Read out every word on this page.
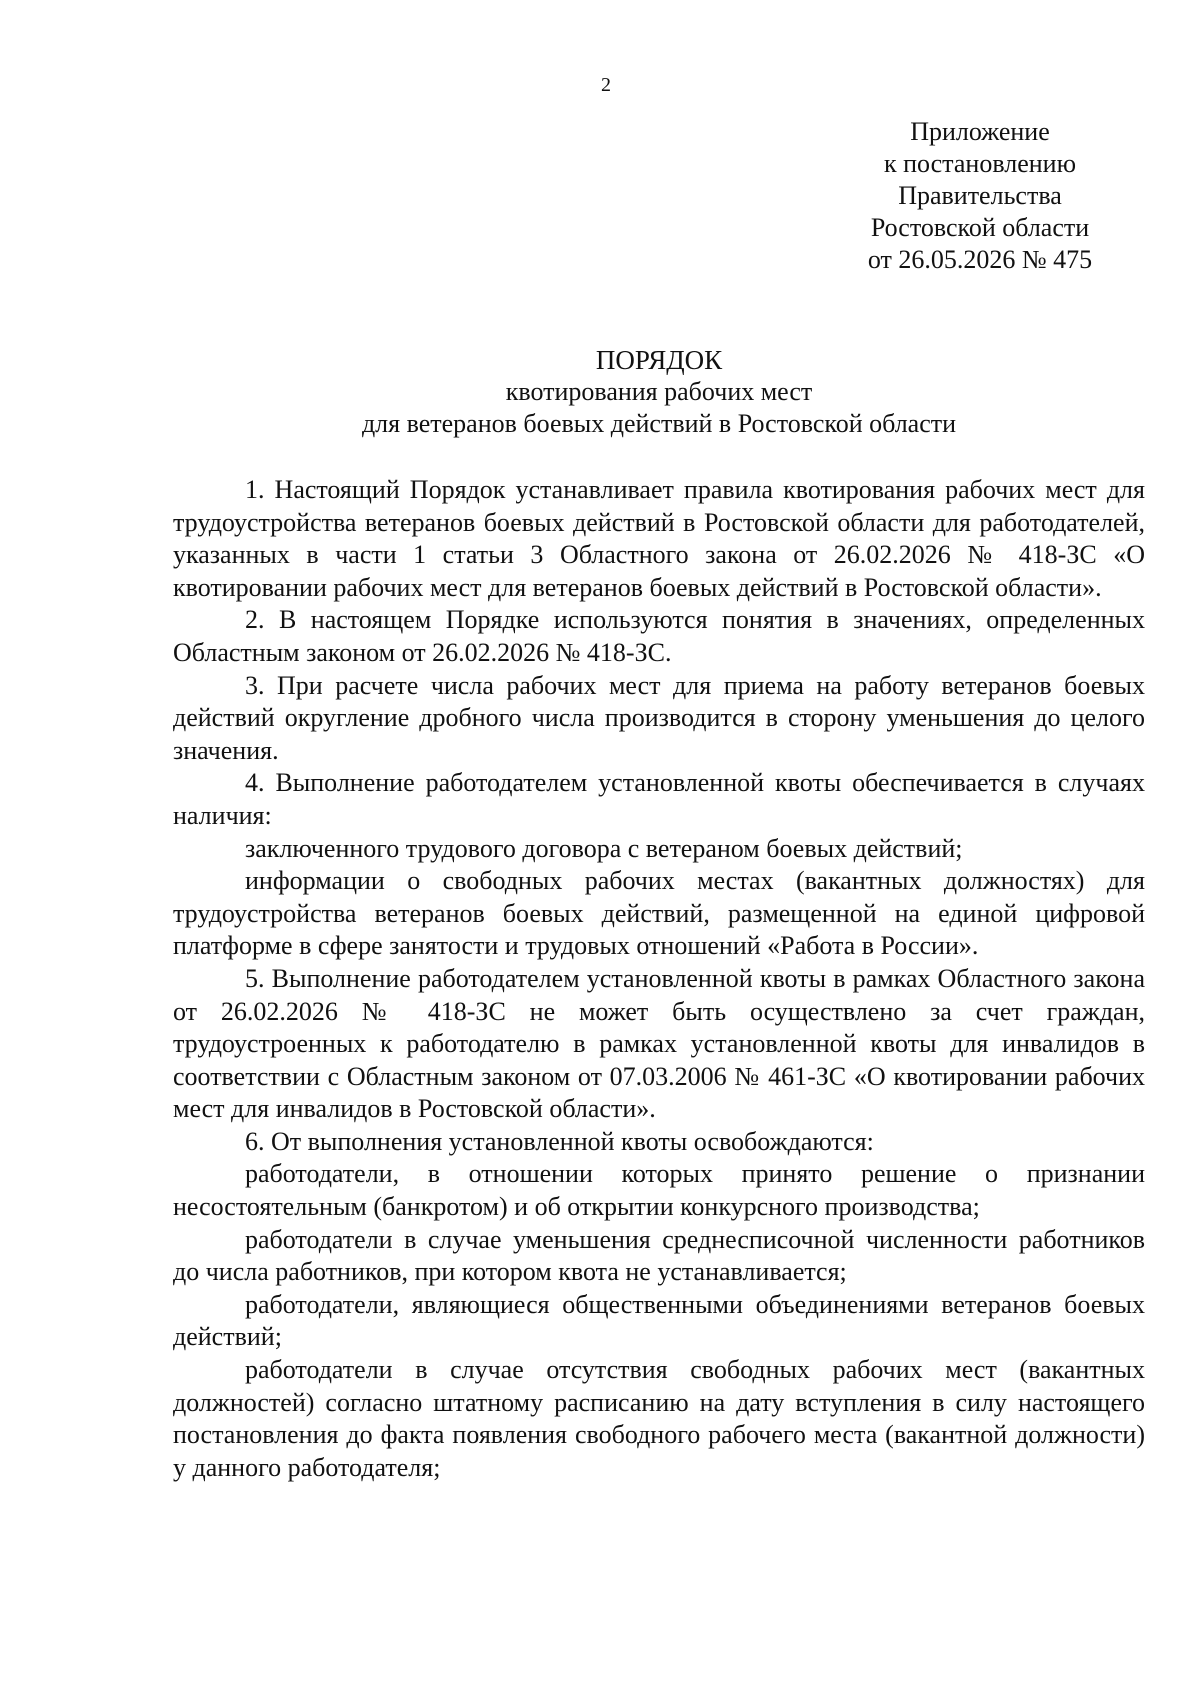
2
Приложение
к постановлению
Правительства
Ростовской области
от 26.05.2026 № 475
ПОРЯДОК
квотирования рабочих мест
для ветеранов боевых действий в Ростовской области

1. Настоящий Порядок устанавливает правила квотирования рабочих мест для трудоустройства ветеранов боевых действий в Ростовской области для работодателей, указанных в части 1 статьи 3 Областного закона от 26.02.2026 № 418-ЗС «О квотировании рабочих мест для ветеранов боевых действий в Ростовской области».

2. В настоящем Порядке используются понятия в значениях, определенных Областным законом от 26.02.2026 № 418-ЗС.

3. При расчете числа рабочих мест для приема на работу ветеранов боевых действий округление дробного числа производится в сторону уменьшения до целого значения.

4. Выполнение работодателем установленной квоты обеспечивается в случаях наличия:

заключенного трудового договора с ветераном боевых действий;

информации о свободных рабочих местах (вакантных должностях) для трудоустройства ветеранов боевых действий, размещенной на единой цифровой платформе в сфере занятости и трудовых отношений «Работа в России».

5. Выполнение работодателем установленной квоты в рамках Областного закона от 26.02.2026 № 418-ЗС не может быть осуществлено за счет граждан, трудоустроенных к работодателю в рамках установленной квоты для инвалидов в соответствии с Областным законом от 07.03.2006 № 461-ЗС «О квотировании рабочих мест для инвалидов в Ростовской области».

6. От выполнения установленной квоты освобождаются:

работодатели, в отношении которых принято решение о признании несостоятельным (банкротом) и об открытии конкурсного производства;

работодатели в случае уменьшения среднесписочной численности работников до числа работников, при котором квота не устанавливается;

работодатели, являющиеся общественными объединениями ветеранов боевых действий;

работодатели в случае отсутствия свободных рабочих мест (вакантных должностей) согласно штатному расписанию на дату вступления в силу настоящего постановления до факта появления свободного рабочего места (вакантной должности) у данного работодателя;
